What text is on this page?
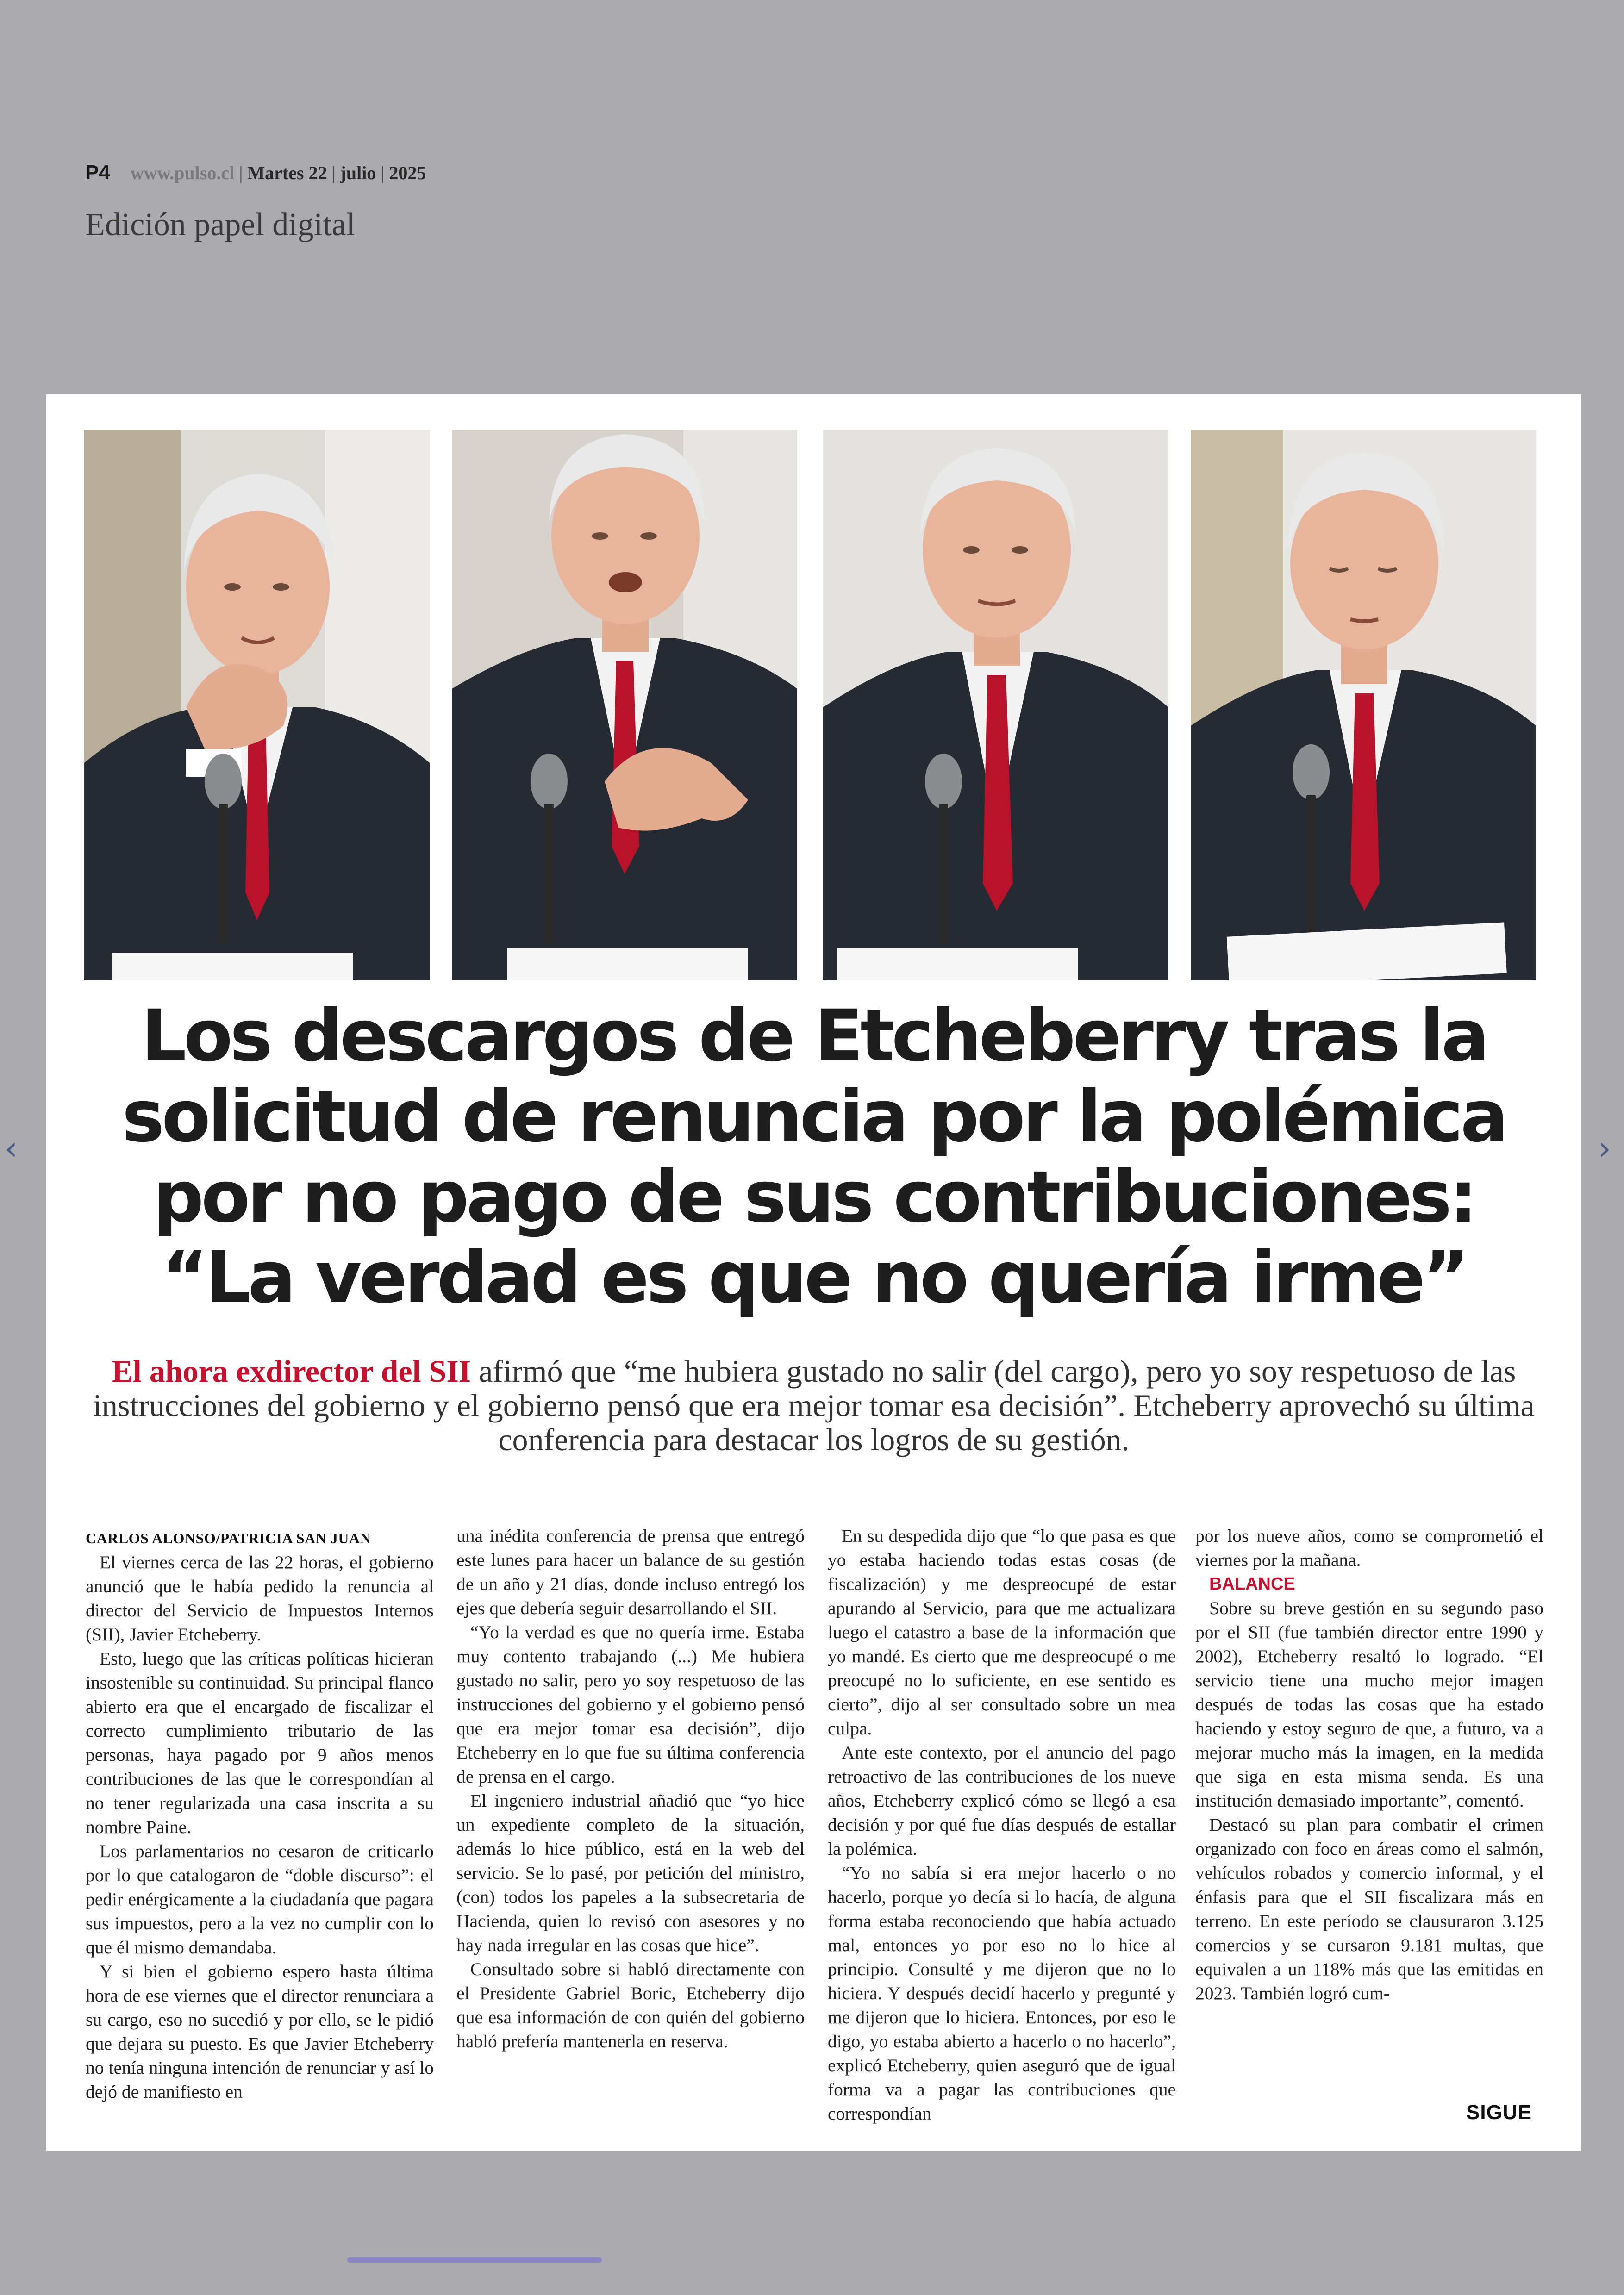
P4 www.pulso.cl | Martes 22 | julio | 2025
Edición papel digital
‹	›
Los descargos de Etcheberry tras la solicitud de renuncia por la polémica por no pago de sus contribuciones: “La verdad es que no quería irme”

El ahora exdirector del SII afirmó que “me hubiera gustado no salir (del cargo), pero yo soy respetuoso de las instrucciones del gobierno y el gobierno pensó que era mejor tomar esa decisión”. Etcheberry aprovechó su última conferencia para destacar los logros de su gestión.

CARLOS ALONSO/PATRICIA SAN JUAN

El viernes cerca de las 22 horas, el gobierno anunció que le había pedido la renuncia al director del Servicio de Impuestos Internos (SII), Javier Etcheberry.

Esto, luego que las críticas políticas hicieran insostenible su continuidad. Su principal flanco abierto era que el encargado de fiscalizar el correcto cumplimiento tributario de las personas, haya pagado por 9 años menos contribuciones de las que le correspondían al no tener regularizada una casa inscrita a su nombre Paine.

Los parlamentarios no cesaron de criticarlo por lo que catalogaron de “doble discurso”: el pedir enérgicamente a la ciudadanía que pagara sus impuestos, pero a la vez no cumplir con lo que él mismo demandaba.

Y si bien el gobierno espero hasta última hora de ese viernes que el director renunciara a su cargo, eso no sucedió y por ello, se le pidió que dejara su puesto. Es que Javier Etcheberry no tenía ninguna intención de renunciar y así lo dejó de manifiesto en

una inédita conferencia de prensa que entregó este lunes para hacer un balance de su gestión de un año y 21 días, donde incluso entregó los ejes que debería seguir desarrollando el SII.

“Yo la verdad es que no quería irme. Estaba muy contento trabajando (...) Me hubiera gustado no salir, pero yo soy respetuoso de las instrucciones del gobierno y el gobierno pensó que era mejor tomar esa decisión”, dijo Etcheberry en lo que fue su última conferencia de prensa en el cargo.

El ingeniero industrial añadió que “yo hice un expediente completo de la situación, además lo hice público, está en la web del servicio. Se lo pasé, por petición del ministro, (con) todos los papeles a la subsecretaria de Hacienda, quien lo revisó con asesores y no hay nada irregular en las cosas que hice”.

Consultado sobre si habló directamente con el Presidente Gabriel Boric, Etcheberry dijo que esa información de con quién del gobierno habló prefería mantenerla en reserva.

En su despedida dijo que “lo que pasa es que yo estaba haciendo todas estas cosas (de fiscalización) y me despreocupé de estar apurando al Servicio, para que me actualizara luego el catastro a base de la información que yo mandé. Es cierto que me despreocupé o me preocupé no lo suficiente, en ese sentido es cierto”, dijo al ser consultado sobre un mea culpa.

Ante este contexto, por el anuncio del pago retroactivo de las contribuciones de los nueve años, Etcheberry explicó cómo se llegó a esa decisión y por qué fue días después de estallar la polémica.

“Yo no sabía si era mejor hacerlo o no hacerlo, porque yo decía si lo hacía, de alguna forma estaba reconociendo que había actuado mal, entonces yo por eso no lo hice al principio. Consulté y me dijeron que no lo hiciera. Y después decidí hacerlo y pregunté y me dijeron que lo hiciera. Entonces, por eso le digo, yo estaba abierto a hacerlo o no hacerlo”, explicó Etcheberry, quien aseguró que de igual forma va a pagar las contribuciones que correspondían

por los nueve años, como se comprometió el viernes por la mañana.

BALANCE

Sobre su breve gestión en su segundo paso por el SII (fue también director entre 1990 y 2002), Etcheberry resaltó lo logrado. “El servicio tiene una mucho mejor imagen después de todas las cosas que ha estado haciendo y estoy seguro de que, a futuro, va a mejorar mucho más la imagen, en la medida que siga en esta misma senda. Es una institución demasiado importante”, comentó.

Destacó su plan para combatir el crimen organizado con foco en áreas como el salmón, vehículos robados y comercio informal, y el énfasis para que el SII fiscalizara más en terreno. En este período se clausuraron 3.125 comercios y se cursaron 9.181 multas, que equivalen a un 118% más que las emitidas en 2023. También logró cum-

SIGUE
